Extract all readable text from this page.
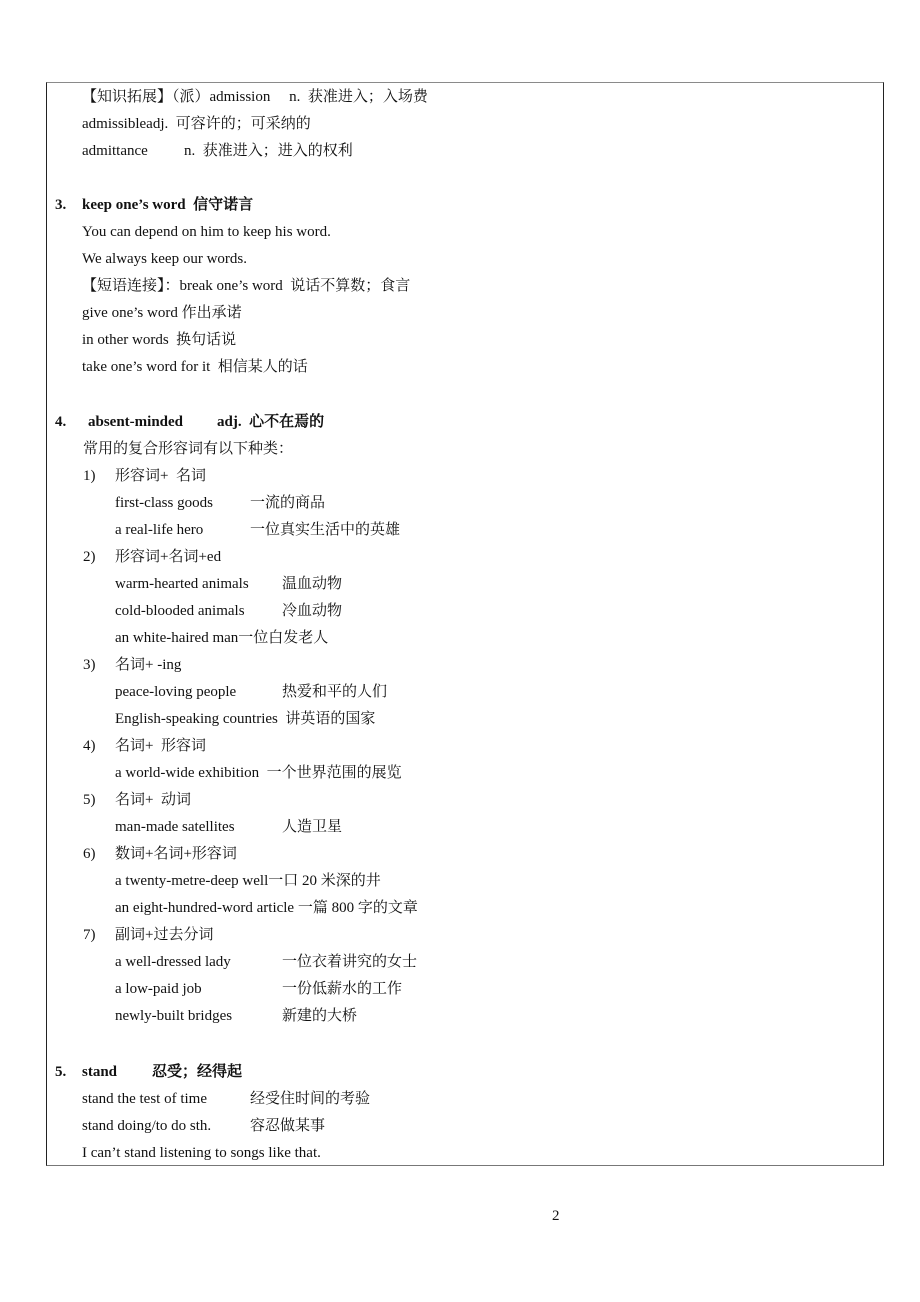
【知识拓展】（派）admission     n.  获准进入；入场费
admissibleadj.  可容许的；可采纳的
admittance n.  获准进入；进入的权利
3. keep one’s word  信守诺言
You can depend on him to keep his word.
We always keep our words.
【短语连接】：break one’s word  说话不算数；食言
give one’s word 作出承诺
in other words  换句话说
take one’s word for it  相信某人的话
4. absent-minded adj.  心不在焉的
常用的复合形容词有以下种类：
1) 形容词+  名词
first-class goods 一流的商品
a real-life hero	一位真实生活中的英雄
2) 形容词+名词+ed
warm-hearted animals 温血动物
cold-blooded animals 冷血动物
an white-haired man一位白发老人
3) 名词+ -ing
peace-loving people	热爱和平的人们
English-speaking countries  讲英语的国家
4) 名词+  形容词
a world-wide exhibition  一个世界范围的展览
5) 名词+  动词
man-made satellites	人造卫星
6) 数词+名词+形容词
a twenty-metre-deep well一口 20 米深的井
an eight-hundred-word article 一篇 800 字的文章
7) 副词+过去分词
a well-dressed lady	一位衣着讲究的女士
a low-paid job	一份低薪水的工作
newly-built bridges	新建的大桥
5. stand 忍受；经得起
stand the test of time	经受住时间的考验
stand doing/to do sth.	容忍做某事
I can’t stand listening to songs like that.
2
